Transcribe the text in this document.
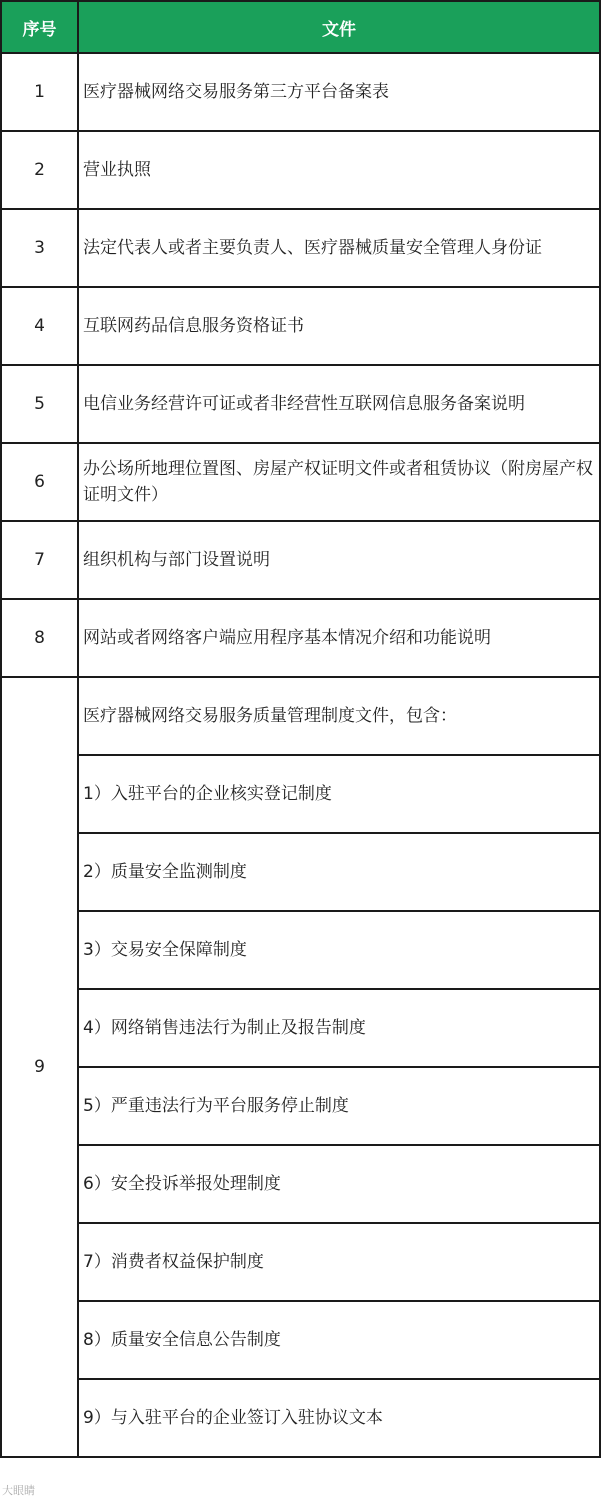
序号	文件
1	医疗器械网络交易服务第三方平台备案表
2	营业执照
3	法定代表人或者主要负责人、医疗器械质量安全管理人身份证
4	互联网药品信息服务资格证书
5	电信业务经营许可证或者非经营性互联网信息服务备案说明
6	办公场所地理位置图、房屋产权证明文件或者租赁协议（附房屋产权证明文件）
7	组织机构与部门设置说明
8	网站或者网络客户端应用程序基本情况介绍和功能说明
9	医疗器械网络交易服务质量管理制度文件，包含：
	1）入驻平台的企业核实登记制度
	2）质量安全监测制度
	3）交易安全保障制度
	4）网络销售违法行为制止及报告制度
	5）严重违法行为平台服务停止制度
	6）安全投诉举报处理制度
	7）消费者权益保护制度
	8）质量安全信息公告制度
	9）与入驻平台的企业签订入驻协议文本
大眼睛
